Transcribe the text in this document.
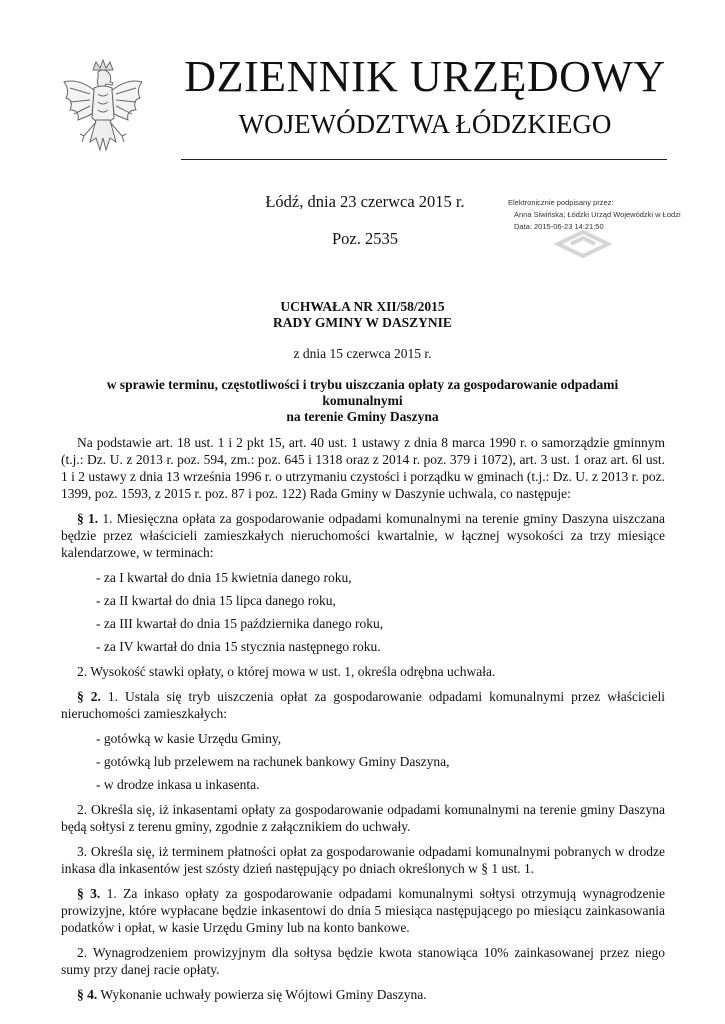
DZIENNIK URZĘDOWY
WOJEWÓDZTWA ŁÓDZKIEGO
Łódź, dnia 23 czerwca 2015 r.
Poz. 2535
Elektronicznie podpisany przez:
Anna Siwińska; Łódzki Urząd Wojewódzki w Łodzi
Data: 2015-06-23 14:21:50
UCHWAŁA NR XII/58/2015
RADY GMINY W DASZYNIE
z dnia 15 czerwca 2015 r.
w sprawie terminu, częstotliwości i trybu uiszczania opłaty za gospodarowanie odpadami komunalnymi
na terenie Gminy Daszyna

Na podstawie art. 18 ust. 1 i 2 pkt 15, art. 40 ust. 1 ustawy z dnia 8 marca 1990 r. o samorządzie gminnym (t.j.: Dz. U. z 2013 r. poz. 594, zm.: poz. 645 i 1318 oraz z 2014 r. poz. 379 i 1072), art. 3 ust. 1 oraz art. 6l ust. 1 i 2 ustawy z dnia 13 września 1996 r. o utrzymaniu czystości i porządku w gminach (t.j.: Dz. U. z 2013 r. poz. 1399, poz. 1593, z 2015 r. poz. 87 i poz. 122) Rada Gminy w Daszynie uchwala, co następuje:

§ 1. 1. Miesięczna opłata za gospodarowanie odpadami komunalnymi na terenie gminy Daszyna uiszczana będzie przez właścicieli zamieszkałych nieruchomości kwartalnie, w łącznej wysokości za trzy miesiące kalendarzowe, w terminach:

- za I kwartał do dnia 15 kwietnia danego roku,
- za II kwartał do dnia 15 lipca danego roku,
- za III kwartał do dnia 15 października danego roku,
- za IV kwartał do dnia 15 stycznia następnego roku.

2. Wysokość stawki opłaty, o której mowa w ust. 1, określa odrębna uchwała.

§ 2. 1. Ustala się tryb uiszczenia opłat za gospodarowanie odpadami komunalnymi przez właścicieli nieruchomości zamieszkałych:

- gotówką w kasie Urzędu Gminy,
- gotówką lub przelewem na rachunek bankowy Gminy Daszyna,
- w drodze inkasa u inkasenta.

2. Określa się, iż inkasentami opłaty za gospodarowanie odpadami komunalnymi na terenie gminy Daszyna będą sołtysi z terenu gminy, zgodnie z załącznikiem do uchwały.

3. Określa się, iż terminem płatności opłat za gospodarowanie odpadami komunalnymi pobranych w drodze inkasa dla inkasentów jest szósty dzień następujący po dniach określonych w § 1 ust. 1.

§ 3. 1. Za inkaso opłaty za gospodarowanie odpadami komunalnymi sołtysi otrzymują wynagrodzenie prowizyjne, które wypłacane będzie inkasentowi do dnia 5 miesiąca następującego po miesiącu zainkasowania podatków i opłat, w kasie Urzędu Gminy lub na konto bankowe.

2. Wynagrodzeniem prowizyjnym dla sołtysa będzie kwota stanowiąca 10% zainkasowanej przez niego sumy przy danej racie opłaty.

§ 4. Wykonanie uchwały powierza się Wójtowi Gminy Daszyna.
